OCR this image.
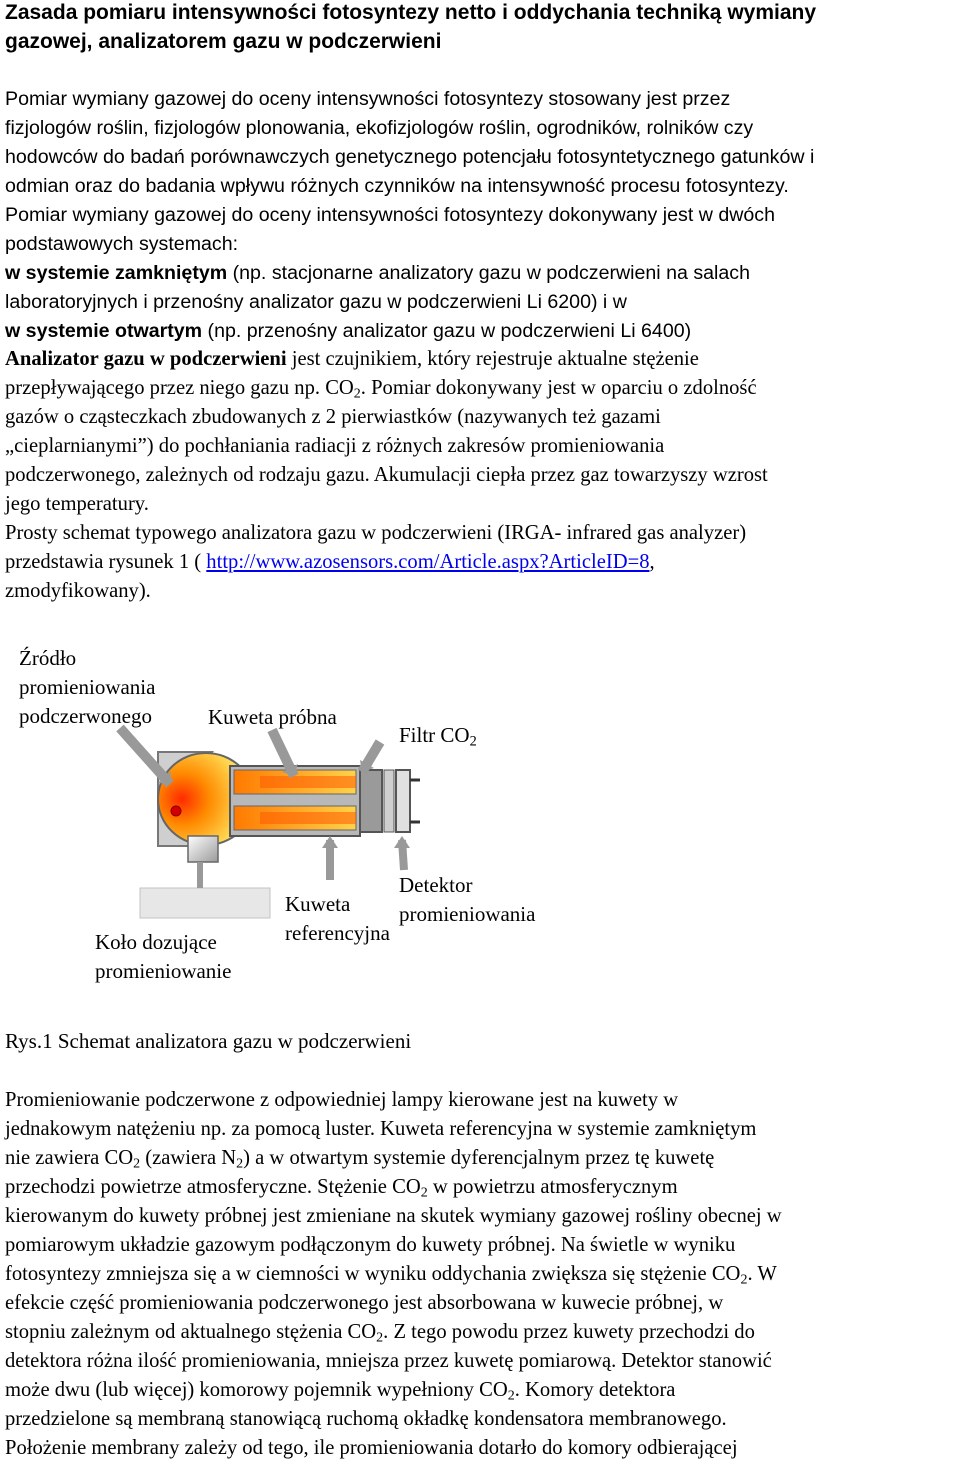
Zasada pomiaru intensywności fotosyntezy netto i oddychania techniką wymiany
gazowej, analizatorem gazu w podczerwieni
Pomiar wymiany gazowej do oceny intensywności fotosyntezy stosowany jest przez
fizjologów roślin, fizjologów plonowania, ekofizjologów roślin, ogrodników, rolników czy
hodowców do badań porównawczych genetycznego potencjału fotosyntetycznego gatunków i
odmian oraz do badania wpływu różnych czynników na intensywność procesu fotosyntezy.
Pomiar wymiany gazowej do oceny intensywności fotosyntezy dokonywany jest w dwóch
podstawowych systemach:
w systemie zamkniętym (np. stacjonarne analizatory gazu w podczerwieni na salach
laboratoryjnych i przenośny analizator gazu w podczerwieni Li 6200) i w
w systemie otwartym (np. przenośny analizator gazu w podczerwieni Li 6400)
Analizator gazu w podczerwieni jest czujnikiem, który rejestruje aktualne stężenie
przepływającego przez niego gazu np. $CO_2$. Pomiar dokonywany jest w oparciu o zdolność
gazów o cząsteczkach zbudowanych z 2 pierwiastków (nazywanych też gazami
„cieplarnianymi”) do pochłaniania radiacji z różnych zakresów promieniowania
podczerwonego, zależnych od rodzaju gazu. Akumulacji ciepła przez gaz towarzyszy wzrost
jego temperatury.
Prosty schemat typowego analizatora gazu w podczerwieni (IRGA- infrared gas analyzer)
przedstawia rysunek 1 ( http://www.azosensors.com/Article.aspx?ArticleID=8,
zmodyfikowany).
Źródło
promieniowania
podczerwonego	Kuweta próbna
Filtr $CO_2$
Detektor
promieniowania
Kuweta
referencyjna
Koło dozujące
promieniowanie
Rys.1 Schemat analizatora gazu w podczerwieni
Promieniowanie podczerwone z odpowiedniej lampy kierowane jest na kuwety w
jednakowym natężeniu np. za pomocą luster. Kuweta referencyjna w systemie zamkniętym
nie zawiera $CO_2$ (zawiera $N_2$) a w otwartym systemie dyferencjalnym przez tę kuwetę
przechodzi powietrze atmosferyczne. Stężenie $CO_2$ w powietrzu atmosferycznym
kierowanym do kuwety próbnej jest zmieniane na skutek wymiany gazowej rośliny obecnej w
pomiarowym układzie gazowym podłączonym do kuwety próbnej. Na świetle w wyniku
fotosyntezy zmniejsza się a w ciemności w wyniku oddychania zwiększa się stężenie $CO_2$. W
efekcie część promieniowania podczerwonego jest absorbowana w kuwecie próbnej, w
stopniu zależnym od aktualnego stężenia $CO_2$. Z tego powodu przez kuwety przechodzi do
detektora różna ilość promieniowania, mniejsza przez kuwetę pomiarową. Detektor stanowić
może dwu (lub więcej) komorowy pojemnik wypełniony $CO_2$. Komory detektora
przedzielone są membraną stanowiącą ruchomą okładkę kondensatora membranowego.
Położenie membrany zależy od tego, ile promieniowania dotarło do komory odbierającej
